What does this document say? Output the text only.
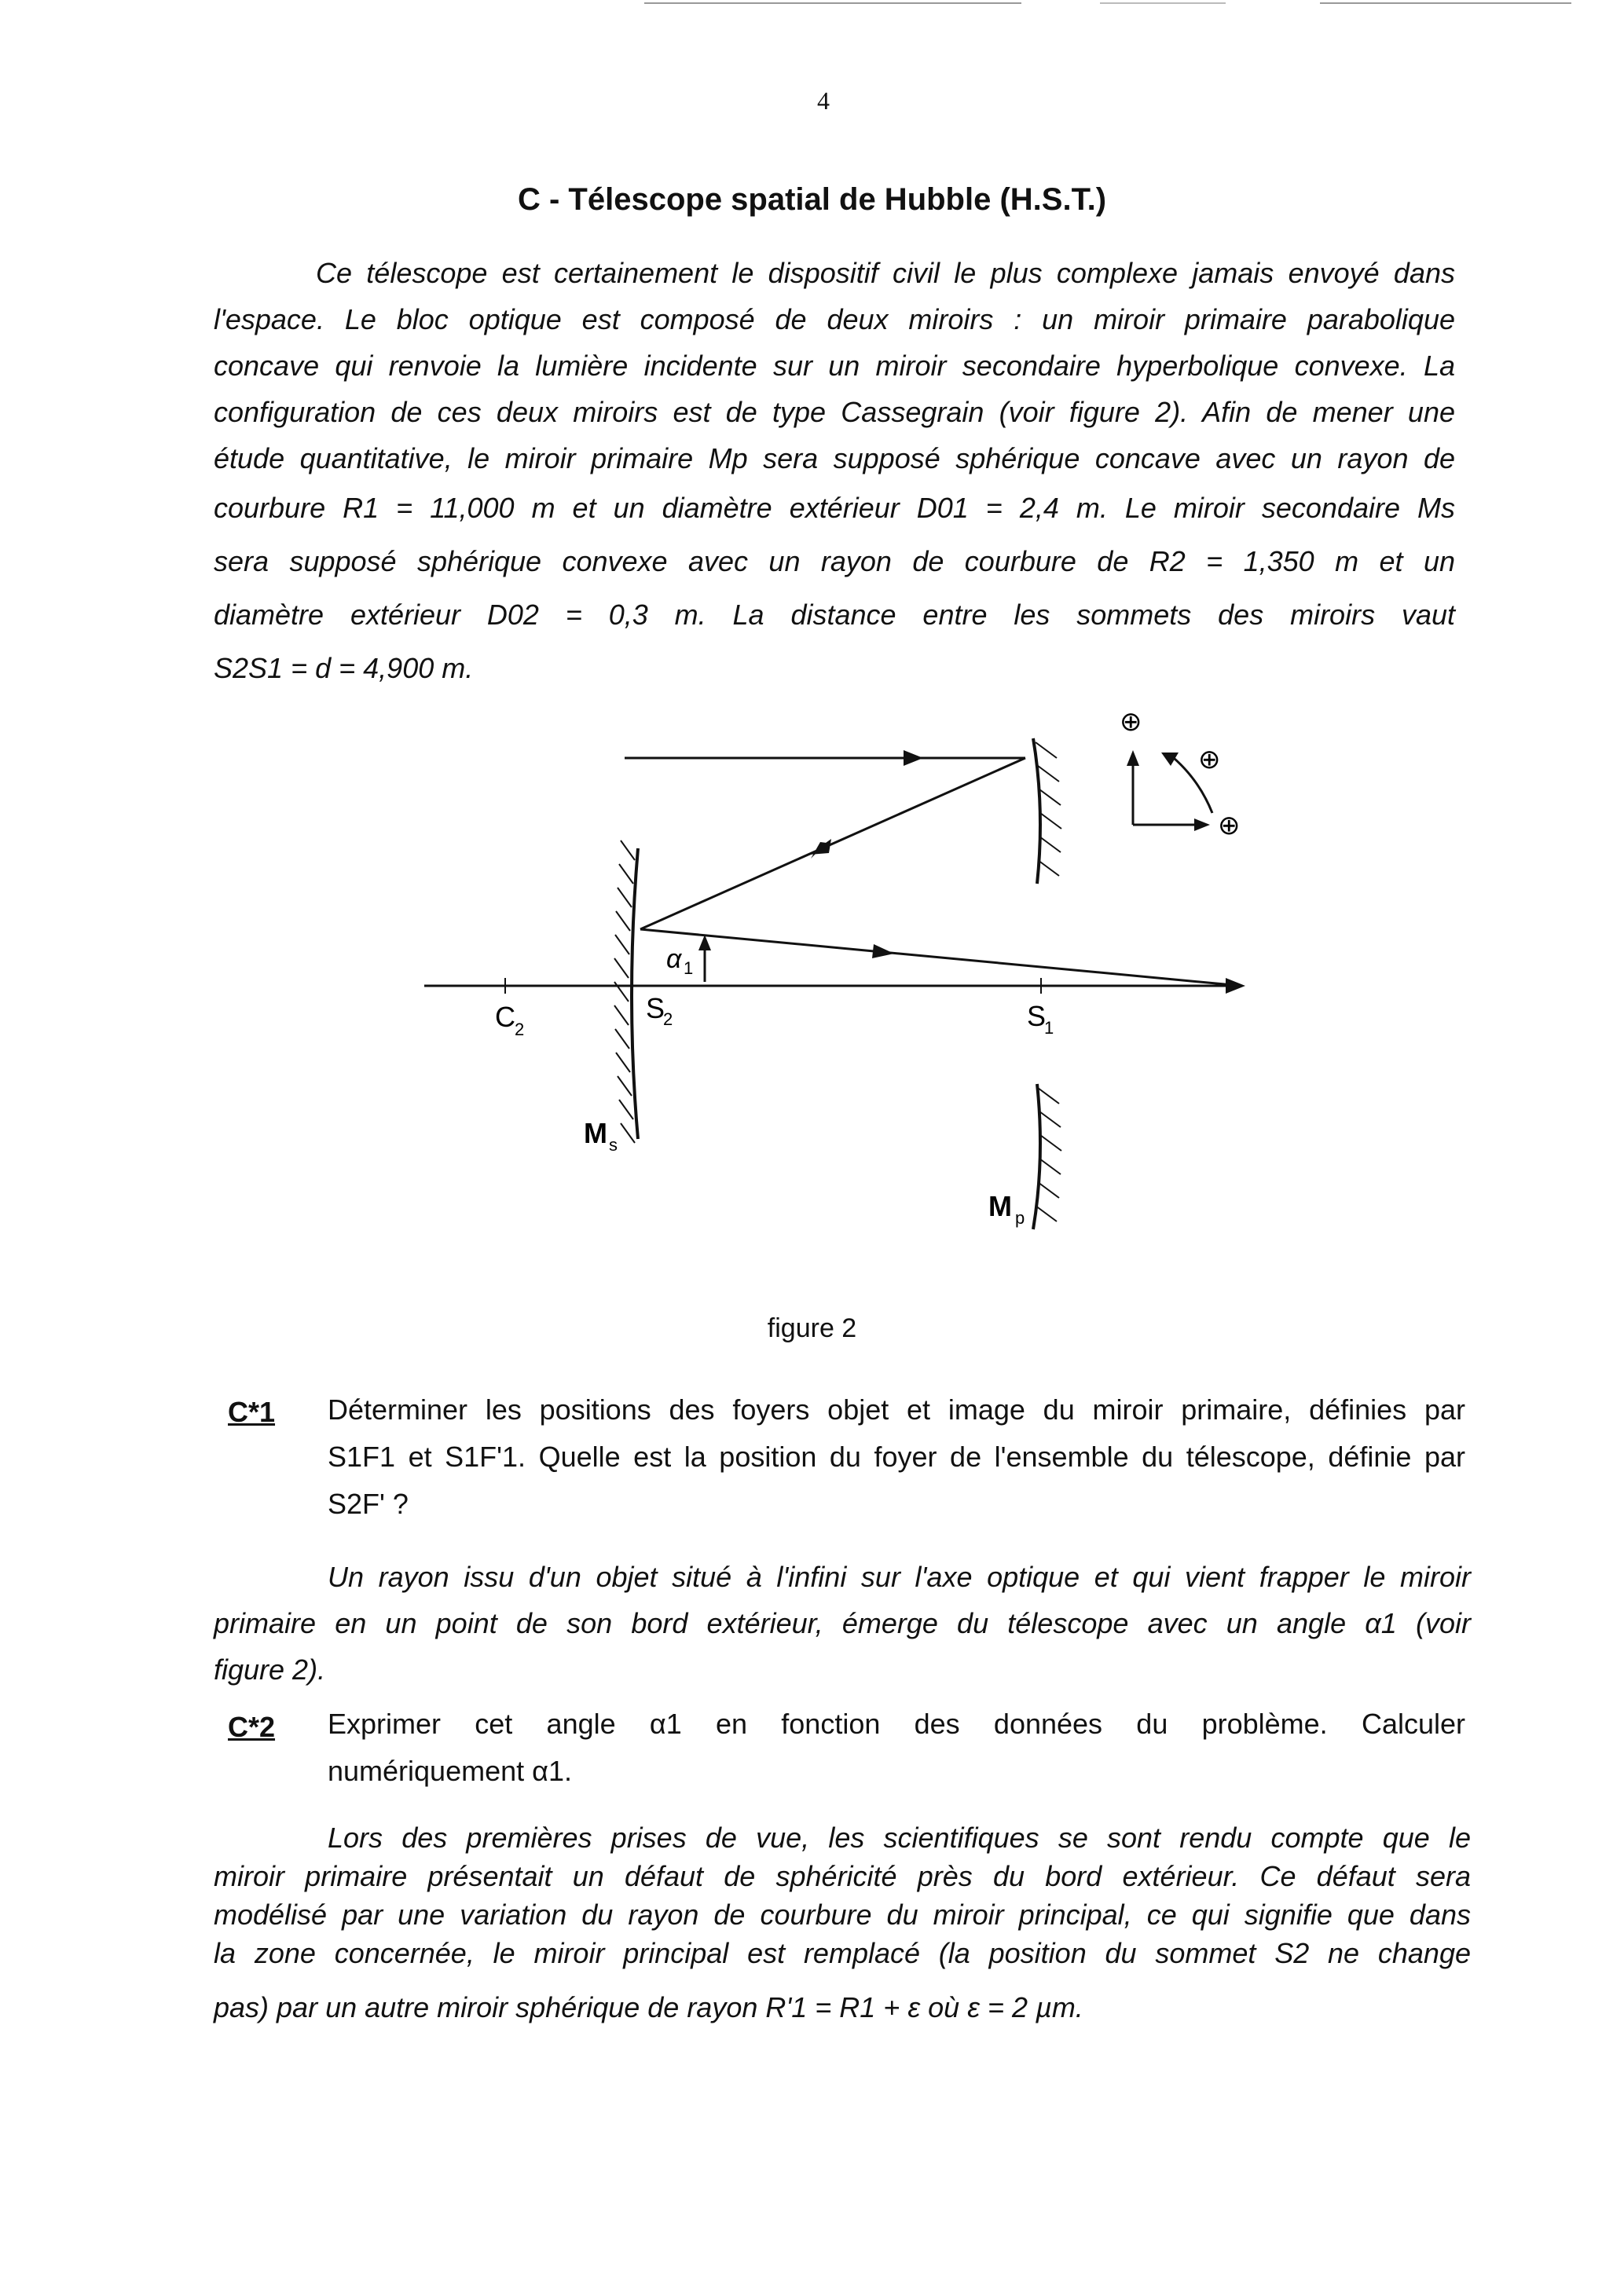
4
C - Télescope spatial de Hubble (H.S.T.)
Ce télescope est certainement le dispositif civil le plus complexe jamais envoyé dans
l'espace. Le bloc optique est composé de deux miroirs : un miroir primaire parabolique
concave qui renvoie la lumière incidente sur un miroir secondaire hyperbolique convexe. La
configuration de ces deux miroirs est de type Cassegrain (voir figure 2). Afin de mener une
étude quantitative, le miroir primaire Mp sera supposé sphérique concave avec un rayon de
courbure R1 = 11,000 m et un diamètre extérieur D01 = 2,4 m. Le miroir secondaire Ms
sera supposé sphérique convexe avec un rayon de courbure de R2 = 1,350 m et un
diamètre extérieur D02 = 0,3 m. La distance entre les sommets des miroirs vaut
S2S1 = d = 4,900 m.
α 1
C 2
S
2	S
1
M s
M p
⊕
⊕
⊕
figure 2
C*1 Déterminer les positions des foyers objet et image du miroir primaire, définies par
S1F1 et S1F'1. Quelle est la position du foyer de l'ensemble du télescope, définie par
S2F' ?
Un rayon issu d'un objet situé à l'infini sur l'axe optique et qui vient frapper le miroir
primaire en un point de son bord extérieur, émerge du télescope avec un angle α1 (voir
figure 2).
C*2 Exprimer cet angle α1 en fonction des données du problème. Calculer
numériquement α1.
Lors des premières prises de vue, les scientifiques se sont rendu compte que le
miroir primaire présentait un défaut de sphéricité près du bord extérieur. Ce défaut sera
modélisé par une variation du rayon de courbure du miroir principal, ce qui signifie que dans
la zone concernée, le miroir principal est remplacé (la position du sommet S2 ne change
pas) par un autre miroir sphérique de rayon R'1 = R1 + ε où ε = 2 µm.
